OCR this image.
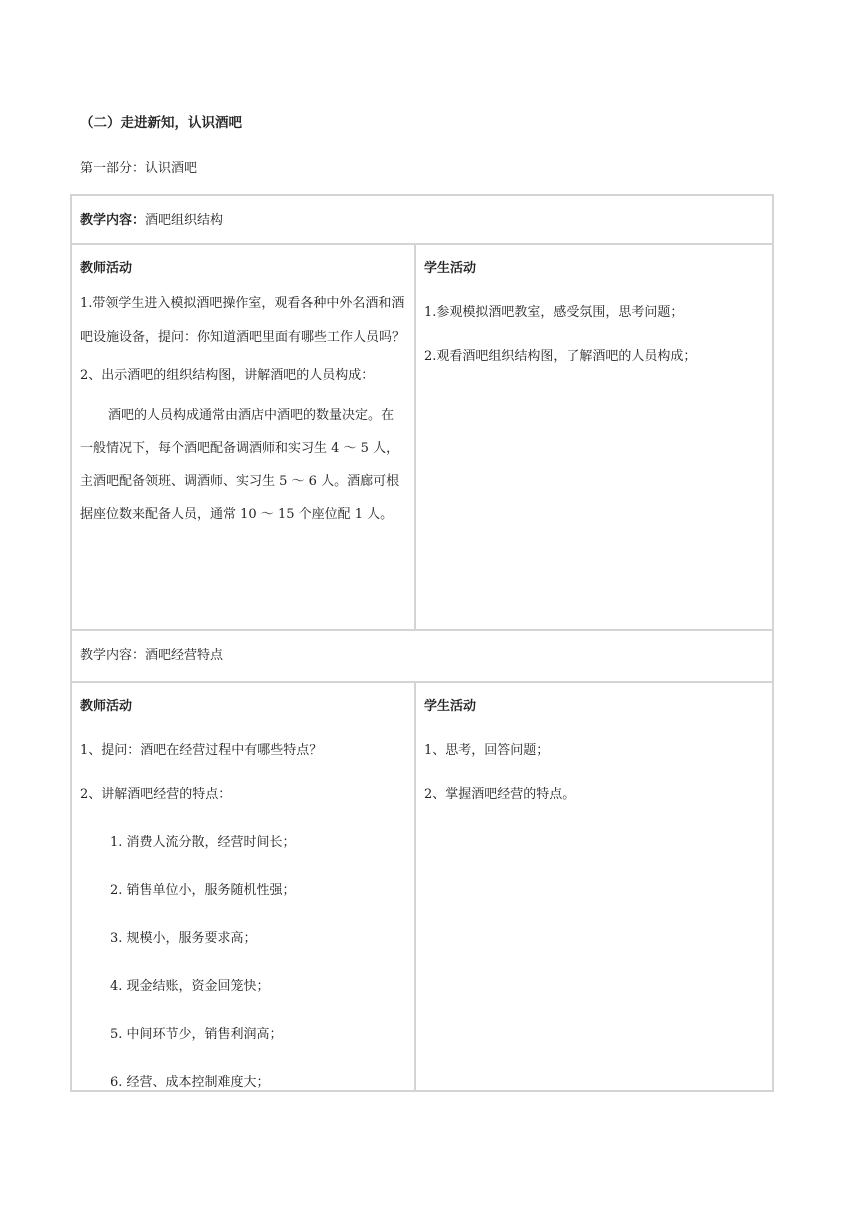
（二）走进新知，认识酒吧
第一部分：认识酒吧
教学内容：酒吧组织结构

教师活动

1.带领学生进入模拟酒吧操作室，观看各种中外名酒和酒吧设施设备，提问：你知道酒吧里面有哪些工作人员吗？

2、出示酒吧的组织结构图，讲解酒吧的人员构成：

酒吧的人员构成通常由酒店中酒吧的数量决定。在一般情况下，每个酒吧配备调酒师和实习生 4 ～ 5 人，主酒吧配备领班、调酒师、实习生 5 ～ 6 人。酒廊可根据座位数来配备人员，通常 10 ～ 15 个座位配 1 人。

学生活动

1.参观模拟酒吧教室，感受氛围，思考问题；

2.观看酒吧组织结构图，了解酒吧的人员构成；

教学内容：酒吧经营特点

教师活动

1、提问：酒吧在经营过程中有哪些特点？

2、讲解酒吧经营的特点：

1. 消费人流分散，经营时间长；
2. 销售单位小，服务随机性强；
3. 规模小，服务要求高；
4. 现金结账，资金回笼快；
5. 中间环节少，销售利润高；
6. 经营、成本控制难度大；

学生活动

1、思考，回答问题；

2、掌握酒吧经营的特点。
